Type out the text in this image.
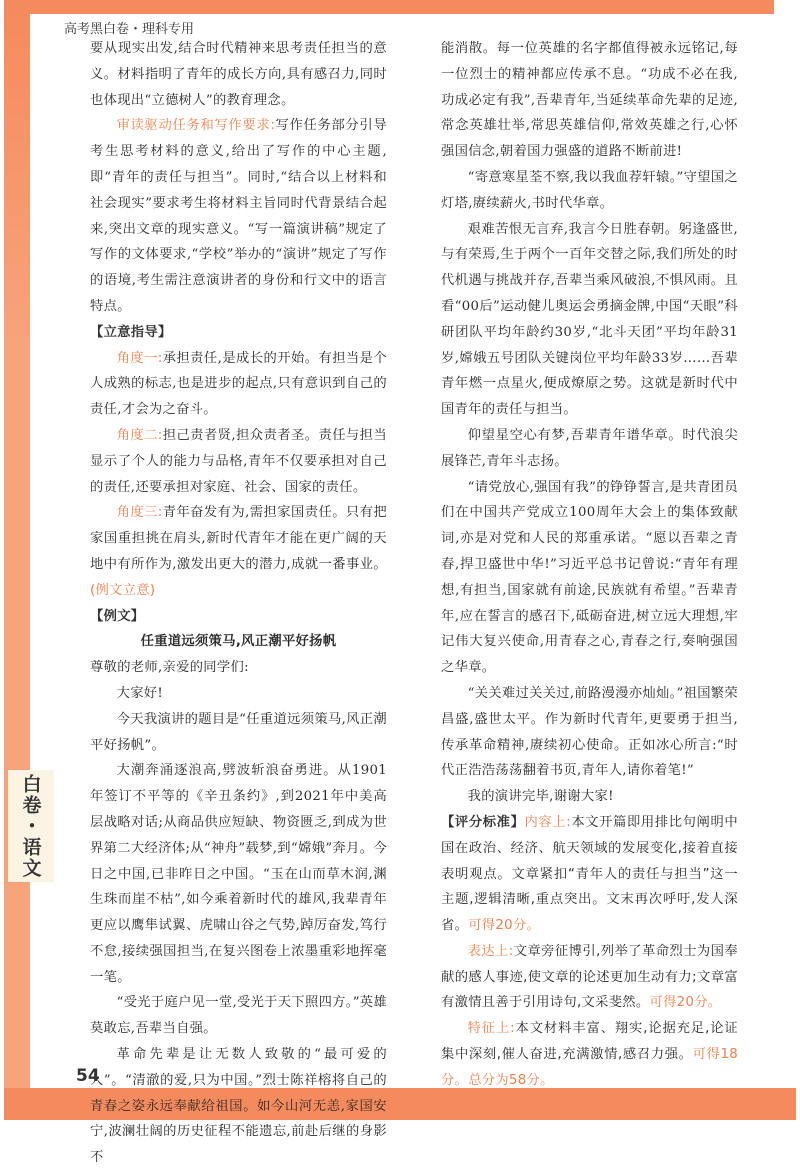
高考黑白卷・理科专用
白卷・语文

要从现实出发,结合时代精神来思考责任担当的意义。材料指明了青年的成长方向,具有感召力,同时也体现出“立德树人”的教育理念。

审读驱动任务和写作要求:写作任务部分引导考生思考材料的意义,给出了写作的中心主题,即“青年的责任与担当”。同时,“结合以上材料和社会现实”要求考生将材料主旨同时代背景结合起来,突出文章的现实意义。“写一篇演讲稿”规定了写作的文体要求,“学校”举办的“演讲”规定了写作的语境,考生需注意演讲者的身份和行文中的语言特点。

【立意指导】

角度一:承担责任,是成长的开始。有担当是个人成熟的标志,也是进步的起点,只有意识到自己的责任,才会为之奋斗。

角度二:担己责者贤,担众责者圣。责任与担当显示了个人的能力与品格,青年不仅要承担对自己的责任,还要承担对家庭、社会、国家的责任。

角度三:青年奋发有为,需担家国责任。只有把家国重担挑在肩头,新时代青年才能在更广阔的天地中有所作为,激发出更大的潜力,成就一番事业。(例文立意)

【例文】

任重道远须策马,风正潮平好扬帆

尊敬的老师,亲爱的同学们:

大家好!

今天我演讲的题目是“任重道远须策马,风正潮平好扬帆”。

大潮奔涌逐浪高,劈波斩浪奋勇进。从1901年签订不平等的《辛丑条约》,到2021年中美高层战略对话;从商品供应短缺、物资匮乏,到成为世界第二大经济体;从“神舟”载梦,到“嫦娥”奔月。今日之中国,已非昨日之中国。“玉在山而草木润,渊生珠而崖不枯”,如今乘着新时代的雄风,我辈青年更应以鹰隼试翼、虎啸山谷之气势,踔厉奋发,笃行不怠,接续强国担当,在复兴图卷上浓墨重彩地挥毫一笔。

“受光于庭户见一堂,受光于天下照四方。”英雄莫敢忘,吾辈当自强。

革命先辈是让无数人致敬的“最可爱的人”。“清澈的爱,只为中国。”烈士陈祥榕将自己的青春之姿永远奉献给祖国。如今山河无恙,家国安宁,波澜壮阔的历史征程不能遗忘,前赴后继的身影不

能消散。每一位英雄的名字都值得被永远铭记,每一位烈士的精神都应传承不息。“功成不必在我,功成必定有我”,吾辈青年,当延续革命先辈的足迹,常念英雄壮举,常思英雄信仰,常效英雄之行,心怀强国信念,朝着国力强盛的道路不断前进!

“寄意寒星荃不察,我以我血荐轩辕。”守望国之灯塔,赓续薪火,书时代华章。

艰难苦恨无言弃,我言今日胜春朝。躬逢盛世,与有荣焉,生于两个一百年交替之际,我们所处的时代机遇与挑战并存,吾辈当乘风破浪,不惧风雨。且看“00后”运动健儿奥运会勇摘金牌,中国“天眼”科研团队平均年龄约30岁,“北斗天团”平均年龄31岁,嫦娥五号团队关键岗位平均年龄33岁……吾辈青年燃一点星火,便成燎原之势。这就是新时代中国青年的责任与担当。

仰望星空心有梦,吾辈青年谱华章。时代浪尖展锋芒,青年斗志扬。

“请党放心,强国有我”的铮铮誓言,是共青团员们在中国共产党成立100周年大会上的集体致献词,亦是对党和人民的郑重承诺。“愿以吾辈之青春,捍卫盛世中华!”习近平总书记曾说:“青年有理想,有担当,国家就有前途,民族就有希望。”吾辈青年,应在誓言的感召下,砥砺奋进,树立远大理想,牢记伟大复兴使命,用青春之心,青春之行,奏响强国之华章。

“关关难过关关过,前路漫漫亦灿灿。”祖国繁荣昌盛,盛世太平。作为新时代青年,更要勇于担当,传承革命精神,赓续初心使命。正如冰心所言:“时代正浩浩荡荡翻着书页,青年人,请你着笔!”

我的演讲完毕,谢谢大家!

【评分标准】内容上:本文开篇即用排比句阐明中国在政治、经济、航天领域的发展变化,接着直接表明观点。文章紧扣“青年人的责任与担当”这一主题,逻辑清晰,重点突出。文末再次呼吁,发人深省。可得20分。

表达上:文章旁征博引,列举了革命烈士为国奉献的感人事迹,使文章的论述更加生动有力;文章富有激情且善于引用诗句,文采斐然。可得20分。

特征上:本文材料丰富、翔实,论据充足,论证集中深刻,催人奋进,充满激情,感召力强。可得18分。总分为58分。

54
